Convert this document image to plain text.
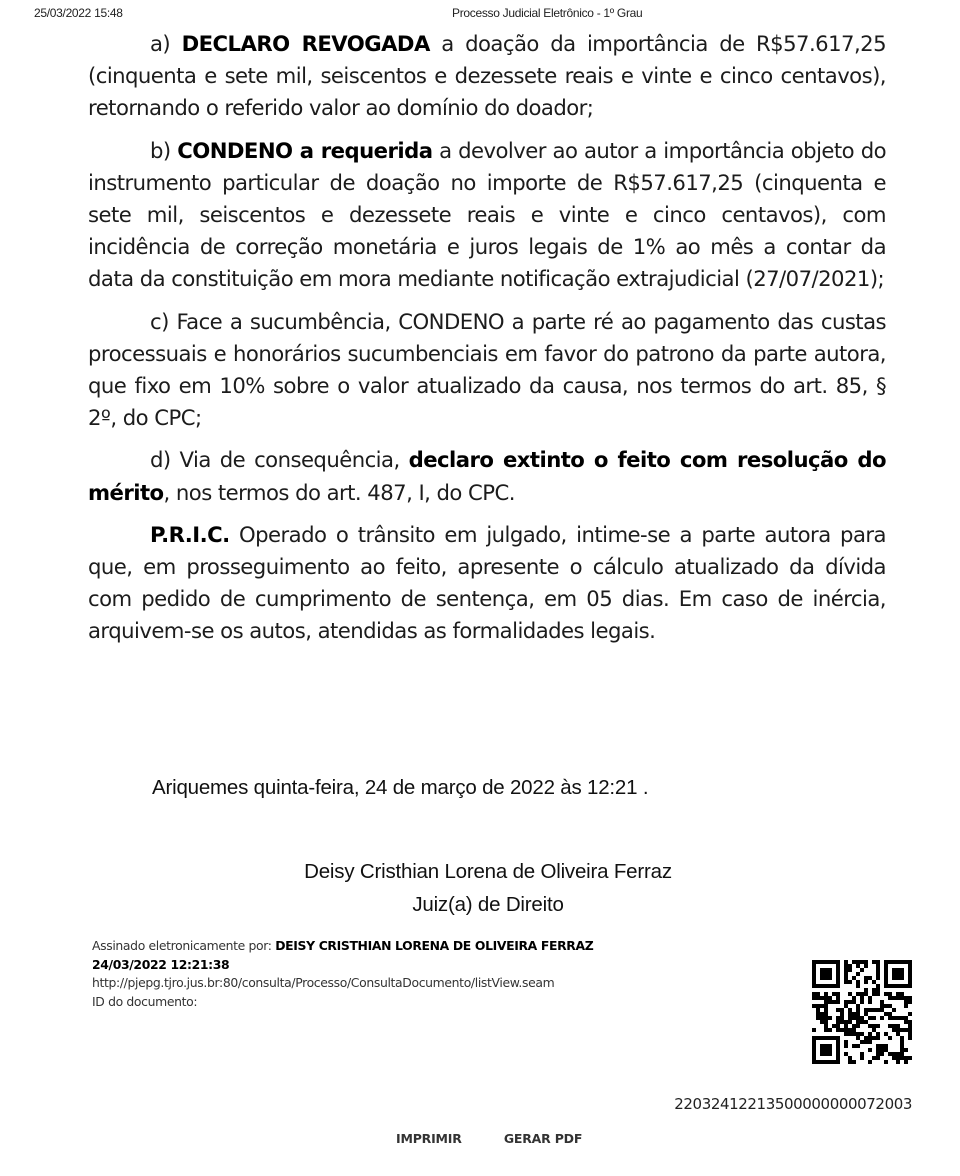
25/03/2022 15:48	Processo Judicial Eletrônico - 1º Grau

a) DECLARO REVOGADA a doação da importância de R$57.617,25 (cinquenta e sete mil, seiscentos e dezessete reais e vinte e cinco centavos), retornando o referido valor ao domínio do doador;

b) CONDENO a requerida a devolver ao autor a importância objeto do instrumento particular de doação no importe de R$57.617,25 (cinquenta e sete mil, seiscentos e dezessete reais e vinte e cinco centavos), com incidência de correção monetária e juros legais de 1% ao mês a contar da data da constituição em mora mediante notificação extrajudicial (27/07/2021);

c) Face a sucumbência, CONDENO a parte ré ao pagamento das custas processuais e honorários sucumbenciais em favor do patrono da parte autora, que fixo em 10% sobre o valor atualizado da causa, nos termos do art. 85, § 2º, do CPC;

d) Via de consequência, declaro extinto o feito com resolução do mérito, nos termos do art. 487, I, do CPC.

P.R.I.C. Operado o trânsito em julgado, intime-se a parte autora para que, em prosseguimento ao feito, apresente o cálculo atualizado da dívida com pedido de cumprimento de sentença, em 05 dias. Em caso de inércia, arquivem-se os autos, atendidas as formalidades legais.

Ariquemes quinta-feira, 24 de março de 2022 às 12:21 .
Deisy Cristhian Lorena de Oliveira Ferraz
Juiz(a) de Direito
Assinado eletronicamente por: DEISY CRISTHIAN LORENA DE OLIVEIRA FERRAZ
24/03/2022 12:21:38
http://pjepg.tjro.jus.br:80/consulta/Processo/ConsultaDocumento/listView.seam
ID do documento:
22032412213500000000072003
IMPRIMIR	GERAR PDF
